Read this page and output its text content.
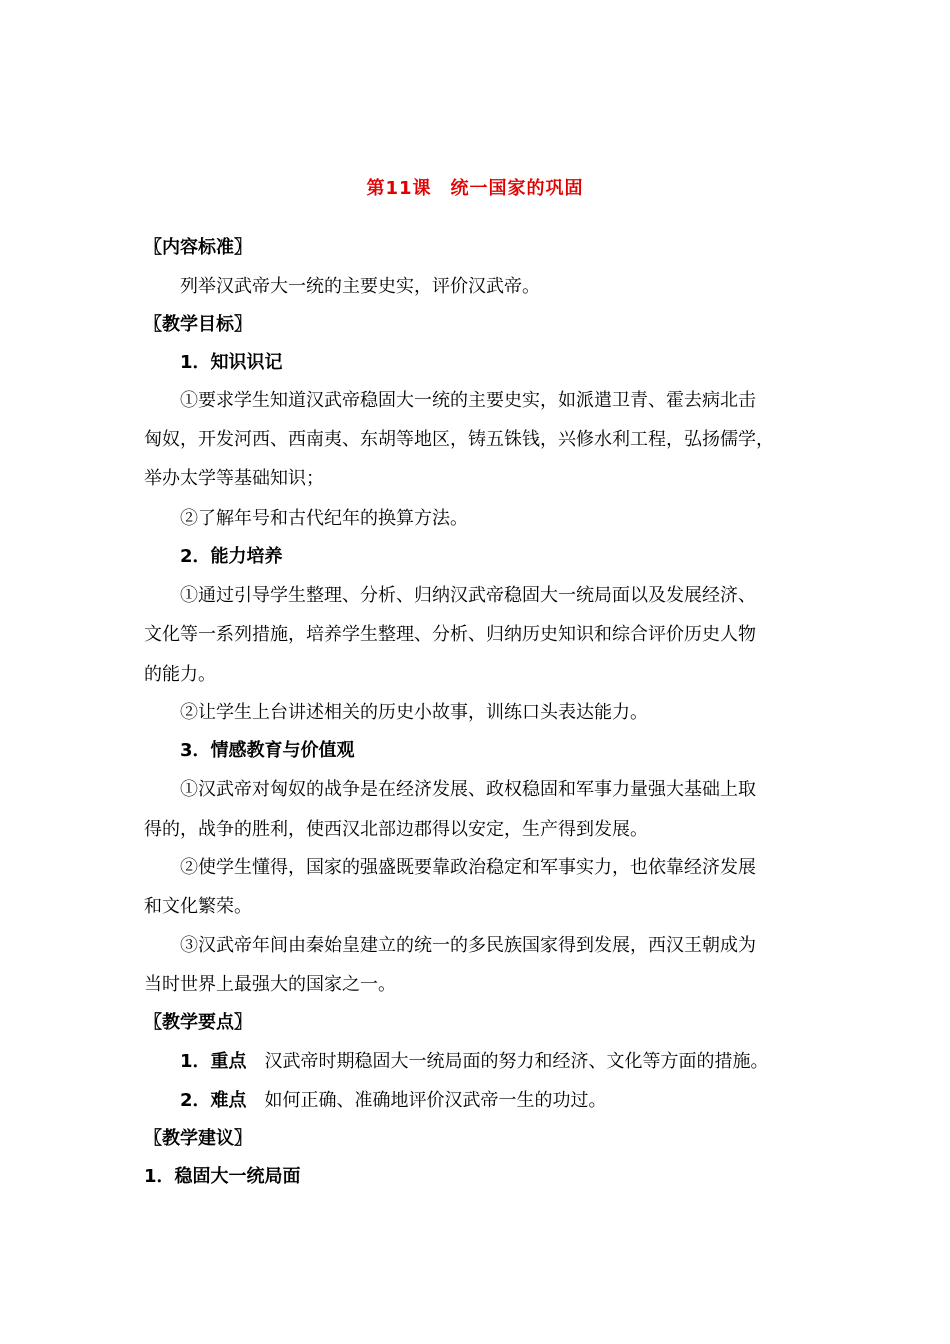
第11课　统一国家的巩固
〖内容标准〗
列举汉武帝大一统的主要史实，评价汉武帝。
〖教学目标〗
1．知识识记
①要求学生知道汉武帝稳固大一统的主要史实，如派遣卫青、霍去病北击
匈奴，开发河西、西南夷、东胡等地区，铸五铢钱，兴修水利工程，弘扬儒学，
举办太学等基础知识；
②了解年号和古代纪年的换算方法。
2．能力培养
①通过引导学生整理、分析、归纳汉武帝稳固大一统局面以及发展经济、
文化等一系列措施，培养学生整理、分析、归纳历史知识和综合评价历史人物
的能力。
②让学生上台讲述相关的历史小故事，训练口头表达能力。
3．情感教育与价值观
①汉武帝对匈奴的战争是在经济发展、政权稳固和军事力量强大基础上取
得的，战争的胜利，使西汉北部边郡得以安定，生产得到发展。
②使学生懂得，国家的强盛既要靠政治稳定和军事实力，也依靠经济发展
和文化繁荣。
③汉武帝年间由秦始皇建立的统一的多民族国家得到发展，西汉王朝成为
当时世界上最强大的国家之一。
〖教学要点〗
1．重点 汉武帝时期稳固大一统局面的努力和经济、文化等方面的措施。
2．难点 如何正确、准确地评价汉武帝一生的功过。
〖教学建议〗
1．稳固大一统局面
